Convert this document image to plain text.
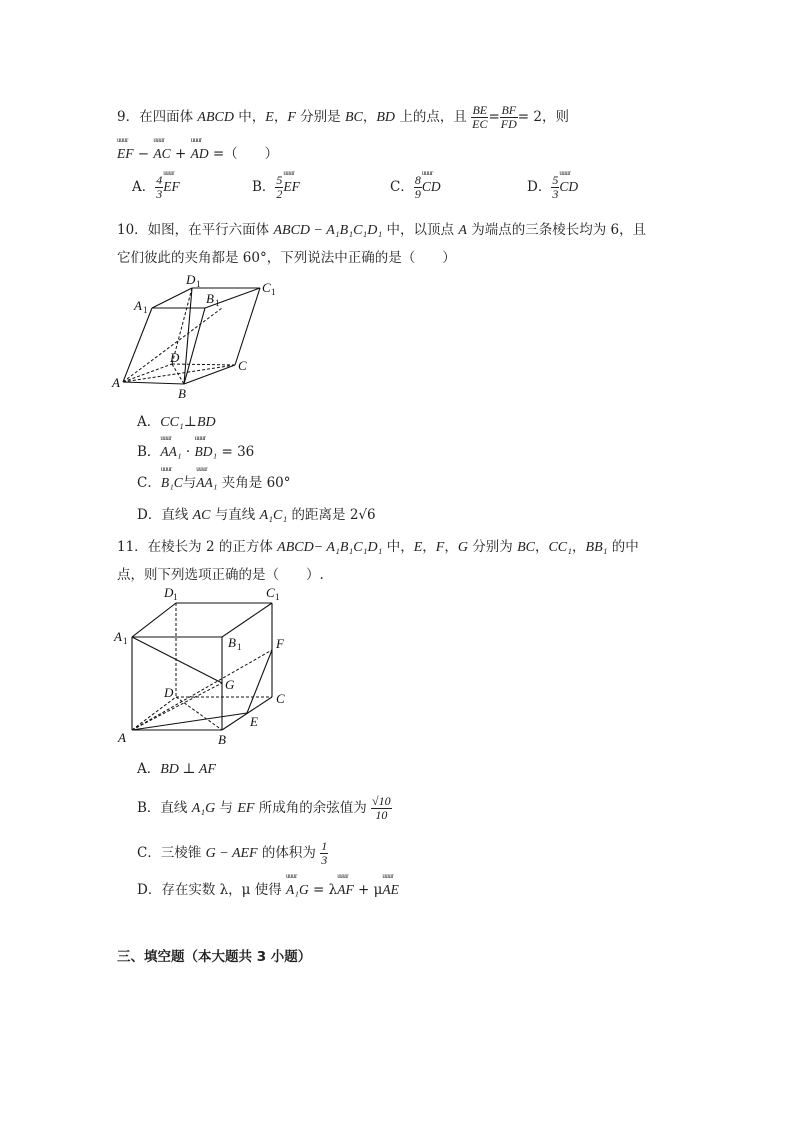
9．在四面体 ABCD 中，E，F 分别是 BC，BD 上的点，且 $\frac{BE}{EC} = \frac{BF}{FD} = 2$，则
uuur EF − uuur AC + uuur AD =（　　）
A． $\frac{4}{3}$ uuur EF	B． $\frac{5}{2}$ uuur EF	C． $\frac{8}{9}$ uuur CD	D． $\frac{5}{3}$ uuur CD
10．如图，在平行六面体 ABCD − A₁B₁C₁D₁ 中，以顶点 A 为端点的三条棱长均为 6，且
它们彼此的夹角都是 60°，下列说法中正确的是（　　）
A
B
C
D
A 1
B 1
C 1
D 1
A．CC₁⊥BD
B．uuur AA₁ · uuur BD₁ = 36
C．uuur B₁C与uuur AA₁ 夹角是 60°
D．直线 AC 与直线 A₁C₁ 的距离是 2√6
11．在棱长为 2 的正方体 ABCD− A₁B₁C₁D₁ 中，E，F，G 分别为 BC，CC₁，BB₁ 的中
点，则下列选项正确的是（　　）.
A	B
C
D
E
F
G
A 1	B 1
C 1
D 1
A．BD ⊥ AF
B．直线 A₁G 与 EF 所成角的余弦值为 $\frac{√10}{10}$
C．三棱锥 G − AEF 的体积为 $\frac{1}{3}$
D．存在实数 λ，μ 使得 uuur A₁G = λuuur AF + μuuur AE
三、填空题（本大题共 3 小题）
